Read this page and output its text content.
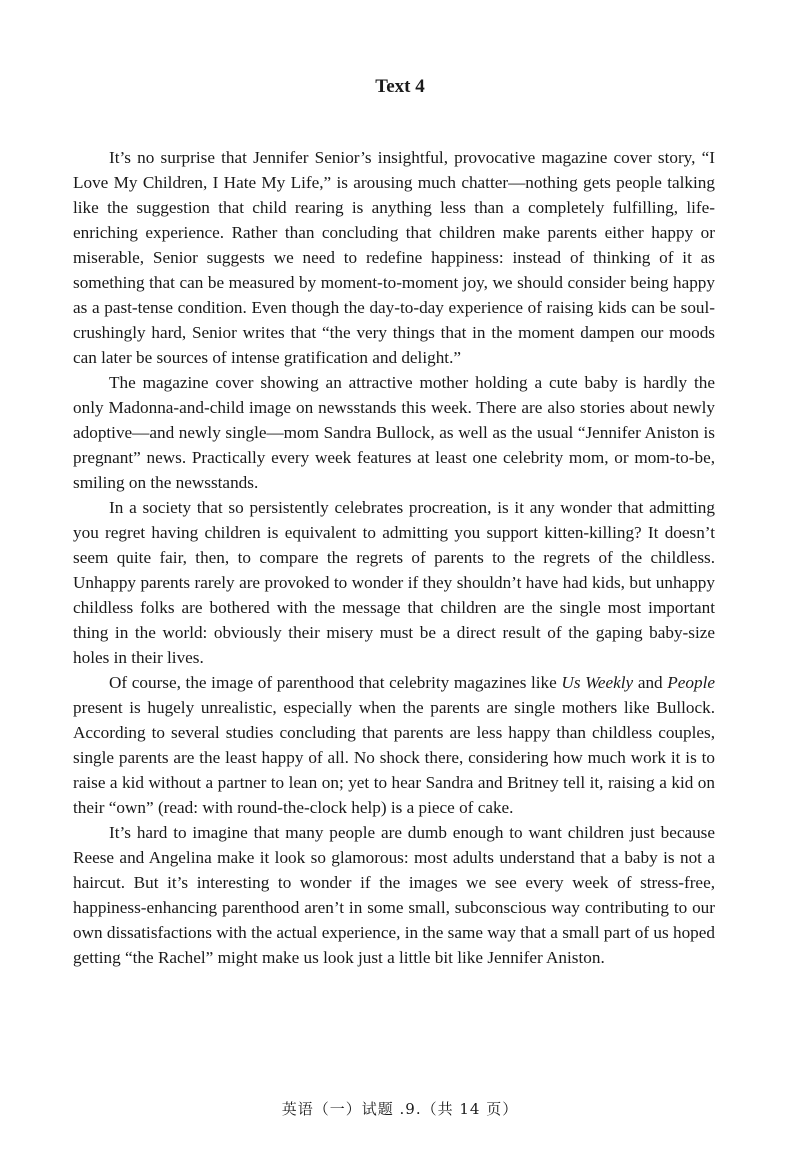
Text 4

It’s no surprise that Jennifer Senior’s insightful, provocative magazine cover story, “I Love My Children, I Hate My Life,” is arousing much chatter—nothing gets people talking like the suggestion that child rearing is anything less than a completely fulfilling, life-enriching experience. Rather than concluding that children make parents either happy or miserable, Senior suggests we need to redefine happiness: instead of thinking of it as something that can be measured by moment-to-moment joy, we should consider being happy as a past-tense condition. Even though the day-to-day experience of raising kids can be soul-crushingly hard, Senior writes that “the very things that in the moment dampen our moods can later be sources of intense gratification and delight.”

The magazine cover showing an attractive mother holding a cute baby is hardly the only Madonna-and-child image on newsstands this week. There are also stories about newly adoptive—and newly single—mom Sandra Bullock, as well as the usual “Jennifer Aniston is pregnant” news. Practically every week features at least one celebrity mom, or mom-to-be, smiling on the newsstands.

In a society that so persistently celebrates procreation, is it any wonder that admitting you regret having children is equivalent to admitting you support kitten-killing? It doesn’t seem quite fair, then, to compare the regrets of parents to the regrets of the childless. Unhappy parents rarely are provoked to wonder if they shouldn’t have had kids, but unhappy childless folks are bothered with the message that children are the single most important thing in the world: obviously their misery must be a direct result of the gaping baby-size holes in their lives.

Of course, the image of parenthood that celebrity magazines like Us Weekly and People present is hugely unrealistic, especially when the parents are single mothers like Bullock. According to several studies concluding that parents are less happy than childless couples, single parents are the least happy of all. No shock there, considering how much work it is to raise a kid without a partner to lean on; yet to hear Sandra and Britney tell it, raising a kid on their “own” (read: with round-the-clock help) is a piece of cake.

It’s hard to imagine that many people are dumb enough to want children just because Reese and Angelina make it look so glamorous: most adults understand that a baby is not a haircut. But it’s interesting to wonder if the images we see every week of stress-free, happiness-enhancing parenthood aren’t in some small, subconscious way contributing to our own dissatisfactions with the actual experience, in the same way that a small part of us hoped getting “the Rachel” might make us look just a little bit like Jennifer Aniston.

英语（一）试题 .9.（共 14 页）
